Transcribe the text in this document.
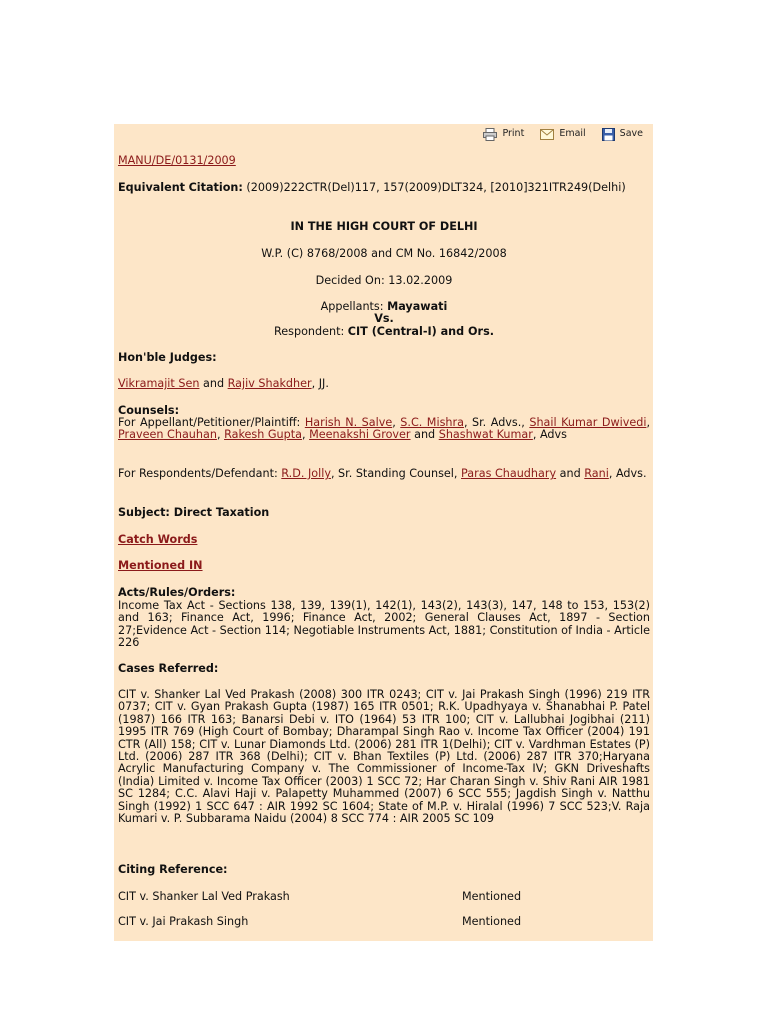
Print	Email	Save
MANU/DE/0131/2009
Equivalent Citation: (2009)222CTR(Del)117, 157(2009)DLT324, [2010]321ITR249(Delhi)
IN THE HIGH COURT OF DELHI
W.P. (C) 8768/2008 and CM No. 16842/2008
Decided On: 13.02.2009
Appellants: Mayawati
Vs.
Respondent: CIT (Central-I) and Ors.
Hon'ble Judges:
Vikramajit Sen and Rajiv Shakdher, JJ.
Counsels:
For Appellant/Petitioner/Plaintiff: Harish N. Salve, S.C. Mishra, Sr. Advs., Shail Kumar Dwivedi, Praveen Chauhan, Rakesh Gupta, Meenakshi Grover and Shashwat Kumar, Advs
For Respondents/Defendant: R.D. Jolly, Sr. Standing Counsel, Paras Chaudhary and Rani, Advs.
Subject: Direct Taxation
Catch Words
Mentioned IN
Acts/Rules/Orders:
Income Tax Act - Sections 138, 139, 139(1), 142(1), 143(2), 143(3), 147, 148 to 153, 153(2) and 163; Finance Act, 1996; Finance Act, 2002; General Clauses Act, 1897 - Section 27;Evidence Act - Section 114; Negotiable Instruments Act, 1881; Constitution of India - Article 226
Cases Referred:
CIT v. Shanker Lal Ved Prakash (2008) 300 ITR 0243; CIT v. Jai Prakash Singh (1996) 219 ITR 0737; CIT v. Gyan Prakash Gupta (1987) 165 ITR 0501; R.K. Upadhyaya v. Shanabhai P. Patel (1987) 166 ITR 163; Banarsi Debi v. ITO (1964) 53 ITR 100; CIT v. Lallubhai Jogibhai (211) 1995 ITR 769 (High Court of Bombay; Dharampal Singh Rao v. Income Tax Officer (2004) 191 CTR (All) 158; CIT v. Lunar Diamonds Ltd. (2006) 281 ITR 1(Delhi); CIT v. Vardhman Estates (P) Ltd. (2006) 287 ITR 368 (Delhi); CIT v. Bhan Textiles (P) Ltd. (2006) 287 ITR 370;Haryana Acrylic Manufacturing Company v. The Commissioner of Income-Tax IV; GKN Driveshafts (India) Limited v. Income Tax Officer (2003) 1 SCC 72; Har Charan Singh v. Shiv Rani AIR 1981 SC 1284; C.C. Alavi Haji v. Palapetty Muhammed (2007) 6 SCC 555; Jagdish Singh v. Natthu Singh (1992) 1 SCC 647 : AIR 1992 SC 1604; State of M.P. v. Hiralal (1996) 7 SCC 523;V. Raja Kumari v. P. Subbarama Naidu (2004) 8 SCC 774 : AIR 2005 SC 109
Citing Reference:
CIT v. Shanker Lal Ved Prakash	Mentioned
CIT v. Jai Prakash Singh	Mentioned
